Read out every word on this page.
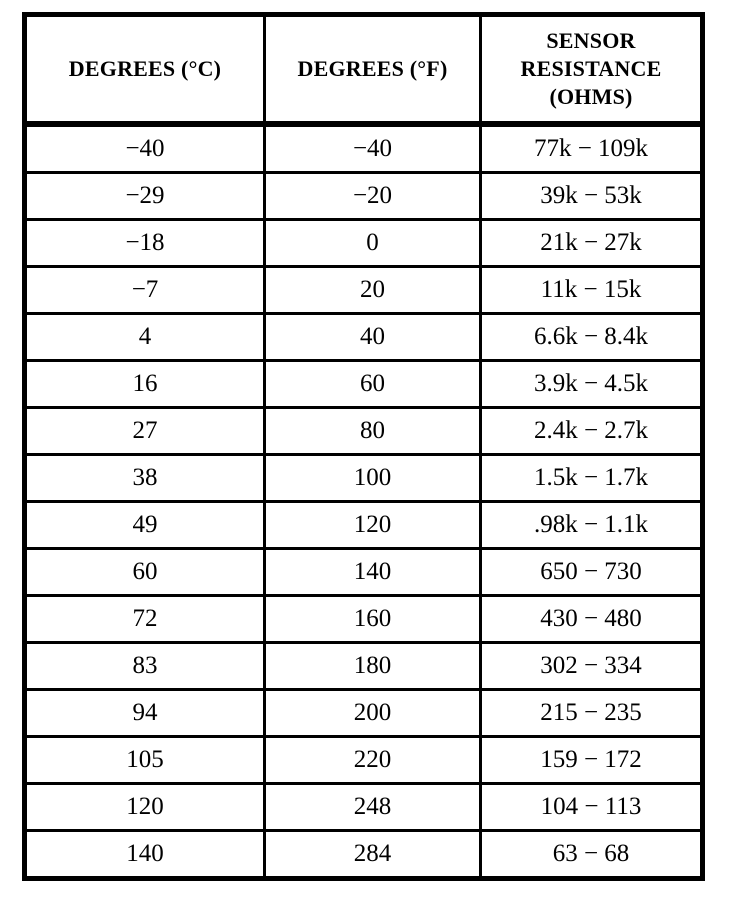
DEGREES (°C)	DEGREES (°F)	SENSOR
RESISTANCE
(OHMS)

−40	−40	77k − 109k
−29	−20	39k − 53k
−18	0	21k − 27k
−7	20	11k − 15k
4	40	6.6k − 8.4k
16	60	3.9k − 4.5k
27	80	2.4k − 2.7k
38	100	1.5k − 1.7k
49	120	.98k − 1.1k
60	140	650 − 730
72	160	430 − 480
83	180	302 − 334
94	200	215 − 235
105	220	159 − 172
120	248	104 − 113
140	284	63 − 68
